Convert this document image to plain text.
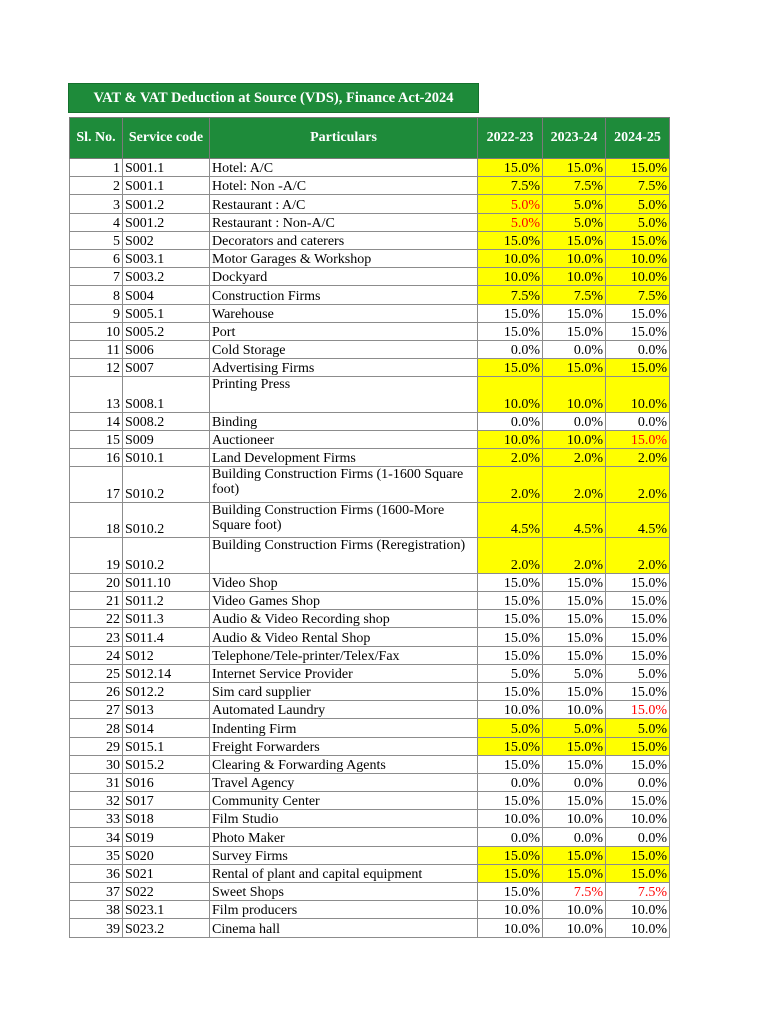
VAT & VAT Deduction at Source (VDS), Finance Act-2024
Sl. No.	Service code	Particulars	2022-23	2023-24	2024-25
1	S001.1	Hotel: A/C	15.0%	15.0%	15.0%
2	S001.1	Hotel: Non -A/C	7.5%	7.5%	7.5%
3	S001.2	Restaurant : A/C	5.0%	5.0%	5.0%
4	S001.2	Restaurant : Non-A/C	5.0%	5.0%	5.0%
5	S002	Decorators and caterers	15.0%	15.0%	15.0%
6	S003.1	Motor Garages & Workshop	10.0%	10.0%	10.0%
7	S003.2	Dockyard	10.0%	10.0%	10.0%
8	S004	Construction Firms	7.5%	7.5%	7.5%
9	S005.1	Warehouse	15.0%	15.0%	15.0%
10	S005.2	Port	15.0%	15.0%	15.0%
11	S006	Cold Storage	0.0%	0.0%	0.0%
12	S007	Advertising Firms	15.0%	15.0%	15.0%
13	S008.1	Printing Press	10.0%	10.0%	10.0%
14	S008.2	Binding	0.0%	0.0%	0.0%
15	S009	Auctioneer	10.0%	10.0%	15.0%
16	S010.1	Land Development Firms	2.0%	2.0%	2.0%
17	S010.2	Building Construction Firms (1-1600 Square foot)	2.0%	2.0%	2.0%
18	S010.2	Building Construction Firms (1600-More Square foot)	4.5%	4.5%	4.5%
19	S010.2	Building Construction Firms (Reregistration)	2.0%	2.0%	2.0%
20	S011.10	Video Shop	15.0%	15.0%	15.0%
21	S011.2	Video Games Shop	15.0%	15.0%	15.0%
22	S011.3	Audio & Video Recording shop	15.0%	15.0%	15.0%
23	S011.4	Audio & Video Rental Shop	15.0%	15.0%	15.0%
24	S012	Telephone/Tele-printer/Telex/Fax	15.0%	15.0%	15.0%
25	S012.14	Internet Service Provider	5.0%	5.0%	5.0%
26	S012.2	Sim card supplier	15.0%	15.0%	15.0%
27	S013	Automated Laundry	10.0%	10.0%	15.0%
28	S014	Indenting Firm	5.0%	5.0%	5.0%
29	S015.1	Freight Forwarders	15.0%	15.0%	15.0%
30	S015.2	Clearing & Forwarding Agents	15.0%	15.0%	15.0%
31	S016	Travel Agency	0.0%	0.0%	0.0%
32	S017	Community Center	15.0%	15.0%	15.0%
33	S018	Film Studio	10.0%	10.0%	10.0%
34	S019	Photo Maker	0.0%	0.0%	0.0%
35	S020	Survey Firms	15.0%	15.0%	15.0%
36	S021	Rental of plant and capital equipment	15.0%	15.0%	15.0%
37	S022	Sweet Shops	15.0%	7.5%	7.5%
38	S023.1	Film producers	10.0%	10.0%	10.0%
39	S023.2	Cinema hall	10.0%	10.0%	10.0%
